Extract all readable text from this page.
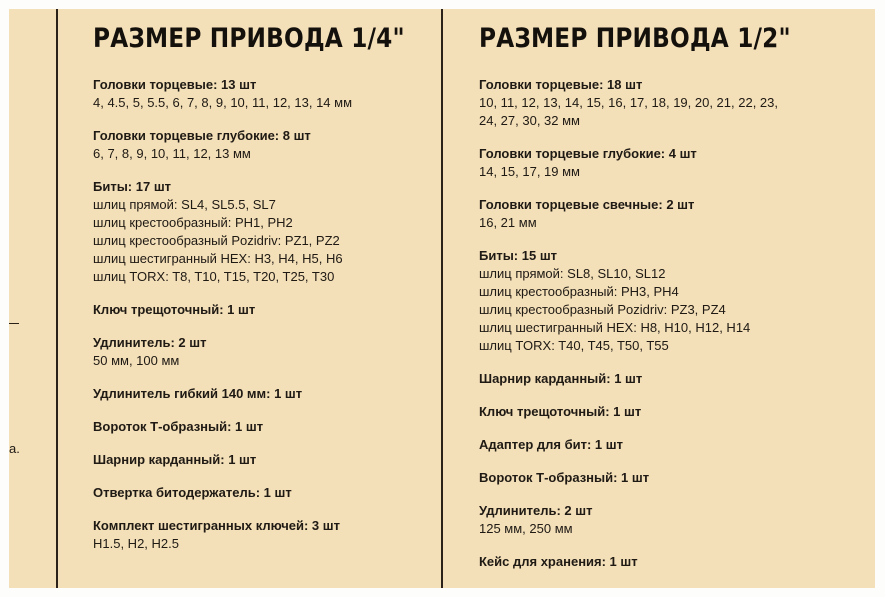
а.
РАЗМЕР ПРИВОДА 1/4"
Головки торцевые: 13 шт
4, 4.5, 5, 5.5, 6, 7, 8, 9, 10, 11, 12, 13, 14 мм
Головки торцевые глубокие: 8 шт
6, 7, 8, 9, 10, 11, 12, 13 мм
Биты: 17 шт
шлиц прямой: SL4, SL5.5, SL7
шлиц крестообразный: PH1, PH2
шлиц крестообразный Pozidriv: PZ1, PZ2
шлиц шестигранный HEX: H3, H4, H5, H6
шлиц TORX: T8, T10, T15, T20, T25, T30
Ключ трещоточный: 1 шт
Удлинитель: 2 шт
50 мм, 100 мм
Удлинитель гибкий 140 мм: 1 шт
Вороток Т-образный: 1 шт
Шарнир карданный: 1 шт
Отвертка битодержатель: 1 шт
Комплект шестигранных ключей: 3 шт
H1.5, H2, H2.5
РАЗМЕР ПРИВОДА 1/2"
Головки торцевые: 18 шт
10, 11, 12, 13, 14, 15, 16, 17, 18, 19, 20, 21, 22, 23,
24, 27, 30, 32 мм
Головки торцевые глубокие: 4 шт
14, 15, 17, 19 мм
Головки торцевые свечные: 2 шт
16, 21 мм
Биты: 15 шт
шлиц прямой: SL8, SL10, SL12
шлиц крестообразный: PH3, PH4
шлиц крестообразный Pozidriv: PZ3, PZ4
шлиц шестигранный HEX: H8, H10, H12, H14
шлиц TORX: T40, T45, T50, T55
Шарнир карданный: 1 шт
Ключ трещоточный: 1 шт
Адаптер для бит: 1 шт
Вороток Т-образный: 1 шт
Удлинитель: 2 шт
125 мм, 250 мм
Кейс для хранения: 1 шт
